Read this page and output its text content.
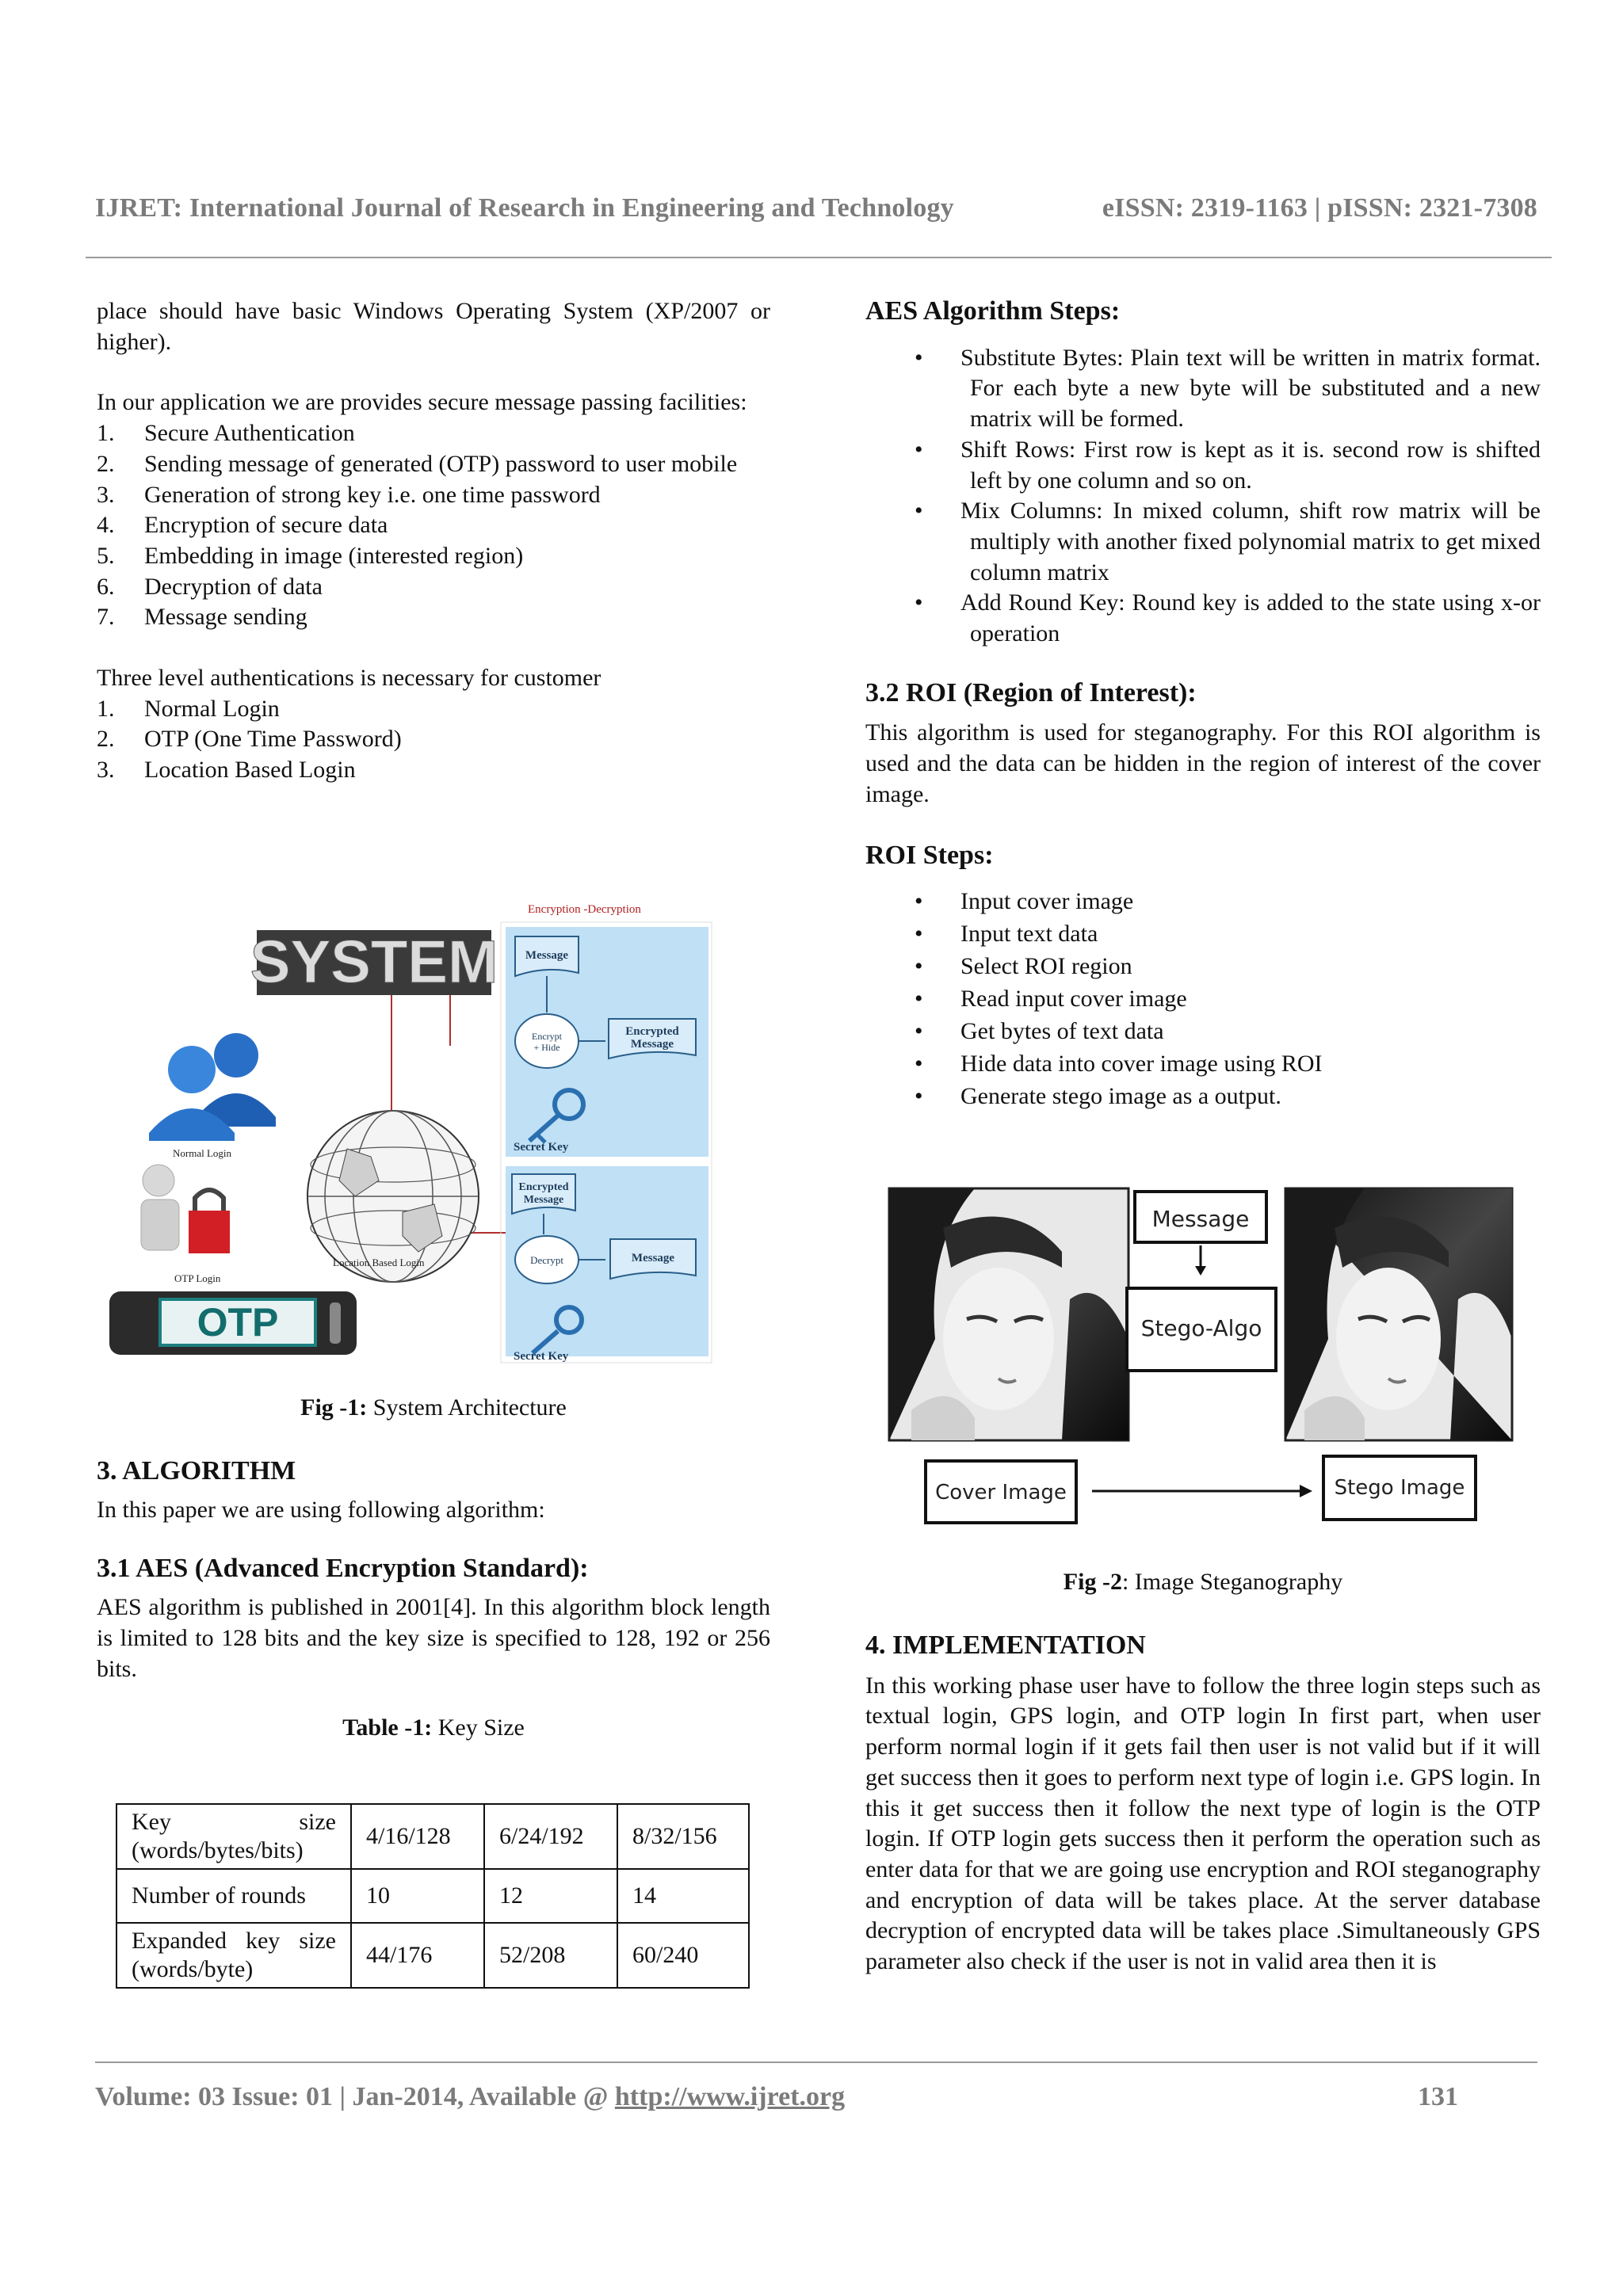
IJRET: International Journal of Research in Engineering and Technology	eISSN: 2319-1163 | pISSN: 2321-7308

place should have basic Windows Operating System (XP/2007 or higher).

In our application we are provides secure message passing facilities:

1.	Secure Authentication
2.	Sending message of generated (OTP) password to user mobile
3.	Generation of strong key i.e. one time password
4.	Encryption of secure data
5.	Embedding in image (interested region)
6.	Decryption of data
7.	Message sending

Three level authentications is necessary for customer

1.	Normal Login
2.	OTP (One Time Password)
3.	Location Based Login
SYSTEM
Normal Login
OTP Login
OTP
Location Based Login
Encryption -Decryption
Message
Encrypt
+ Hide
Encrypted
Message
Secret Key
Encrypted
Message
Decrypt	Message
Secret Key
Fig -1: System Architecture

3. ALGORITHM

In this paper we are using following algorithm:

3.1 AES (Advanced Encryption Standard):

AES algorithm is published in 2001[4]. In this algorithm block length is limited to 128 bits and the key size is specified to 128, 192 or 256 bits.

Table -1: Key Size
Key size (words/bytes/bits)	4/16/128	6/24/192	8/32/156
Number of rounds	10	12	14
Expanded key size (words/byte)	44/176	52/208	60/240

AES Algorithm Steps:

• Substitute Bytes: Plain text will be written in matrix format. For each byte a new byte will be substituted and a new matrix will be formed.
• Shift Rows: First row is kept as it is. second row is shifted left by one column and so on.
• Mix Columns: In mixed column, shift row matrix will be multiply with another fixed polynomial matrix to get mixed column matrix
• Add Round Key: Round key is added to the state using x-or operation

3.2 ROI (Region of Interest):

This algorithm is used for steganography. For this ROI algorithm is used and the data can be hidden in the region of interest of the cover image.

ROI Steps:

• Input cover image
• Input text data
• Select ROI region
• Read input cover image
• Get bytes of text data
• Hide data into cover image using ROI
• Generate stego image as a output.
Message
Stego-Algo
Cover Image	Stego Image
Fig -2: Image Steganography

4. IMPLEMENTATION

In this working phase user have to follow the three login steps such as textual login, GPS login, and OTP login In first part, when user perform normal login if it gets fail then user is not valid but if it will get success then it goes to perform next type of login i.e. GPS login. In this it get success then it follow the next type of login is the OTP login. If OTP login gets success then it perform the operation such as enter data for that we are going use encryption and ROI steganography and encryption of data will be takes place. At the server database decryption of encrypted data will be takes place .Simultaneously GPS parameter also check if the user is not in valid area then it is

Volume: 03 Issue: 01 | Jan-2014, Available @ http://www.ijret.org	131
